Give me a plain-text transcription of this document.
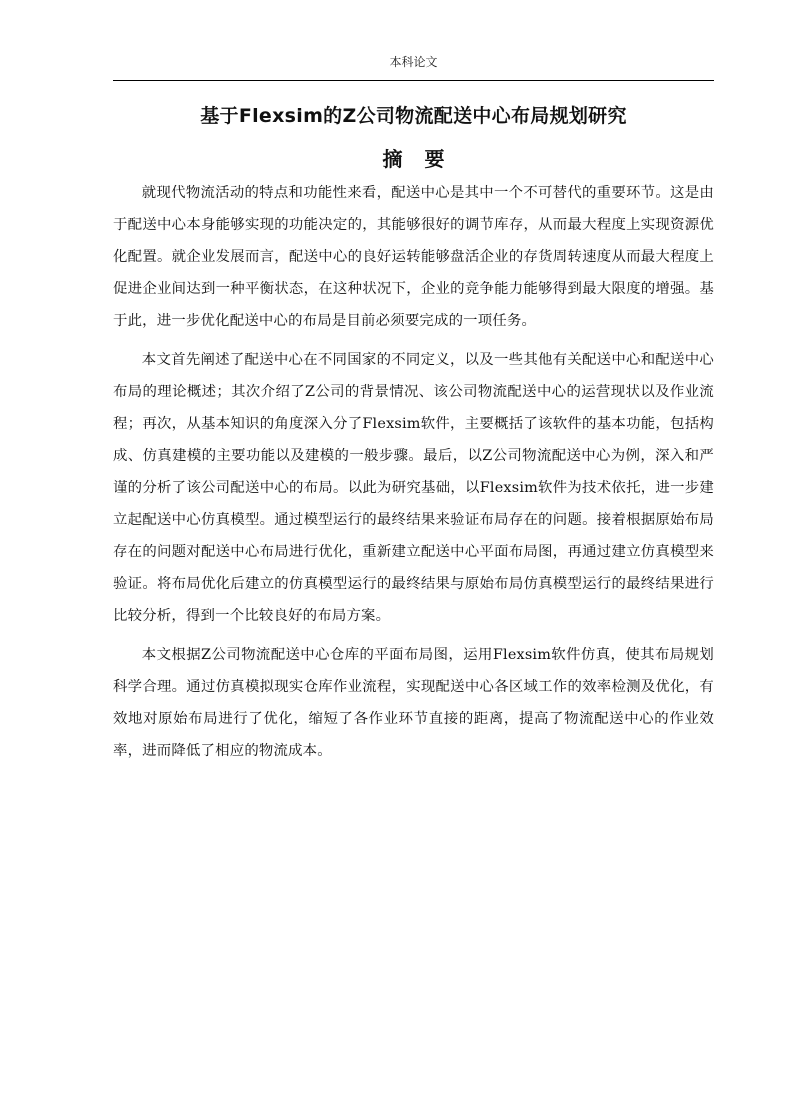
本科论文
基于Flexsim的Z公司物流配送中心布局规划研究
摘要

就现代物流活动的特点和功能性来看，配送中心是其中一个不可替代的重要环节。这是由于配送中心本身能够实现的功能决定的，其能够很好的调节库存，从而最大程度上实现资源优化配置。就企业发展而言，配送中心的良好运转能够盘活企业的存货周转速度从而最大程度上促进企业间达到一种平衡状态，在这种状况下，企业的竞争能力能够得到最大限度的增强。基于此，进一步优化配送中心的布局是目前必须要完成的一项任务。

本文首先阐述了配送中心在不同国家的不同定义，以及一些其他有关配送中心和配送中心布局的理论概述；其次介绍了Z公司的背景情况、该公司物流配送中心的运营现状以及作业流程；再次，从基本知识的角度深入分了Flexsim软件，主要概括了该软件的基本功能，包括构成、仿真建模的主要功能以及建模的一般步骤。最后，以Z公司物流配送中心为例，深入和严谨的分析了该公司配送中心的布局。以此为研究基础，以Flexsim软件为技术依托，进一步建立起配送中心仿真模型。通过模型运行的最终结果来验证布局存在的问题。接着根据原始布局存在的问题对配送中心布局进行优化，重新建立配送中心平面布局图，再通过建立仿真模型来验证。将布局优化后建立的仿真模型运行的最终结果与原始布局仿真模型运行的最终结果进行比较分析，得到一个比较良好的布局方案。

本文根据Z公司物流配送中心仓库的平面布局图，运用Flexsim软件仿真，使其布局规划科学合理。通过仿真模拟现实仓库作业流程，实现配送中心各区域工作的效率检测及优化，有效地对原始布局进行了优化，缩短了各作业环节直接的距离，提高了物流配送中心的作业效率，进而降低了相应的物流成本。
